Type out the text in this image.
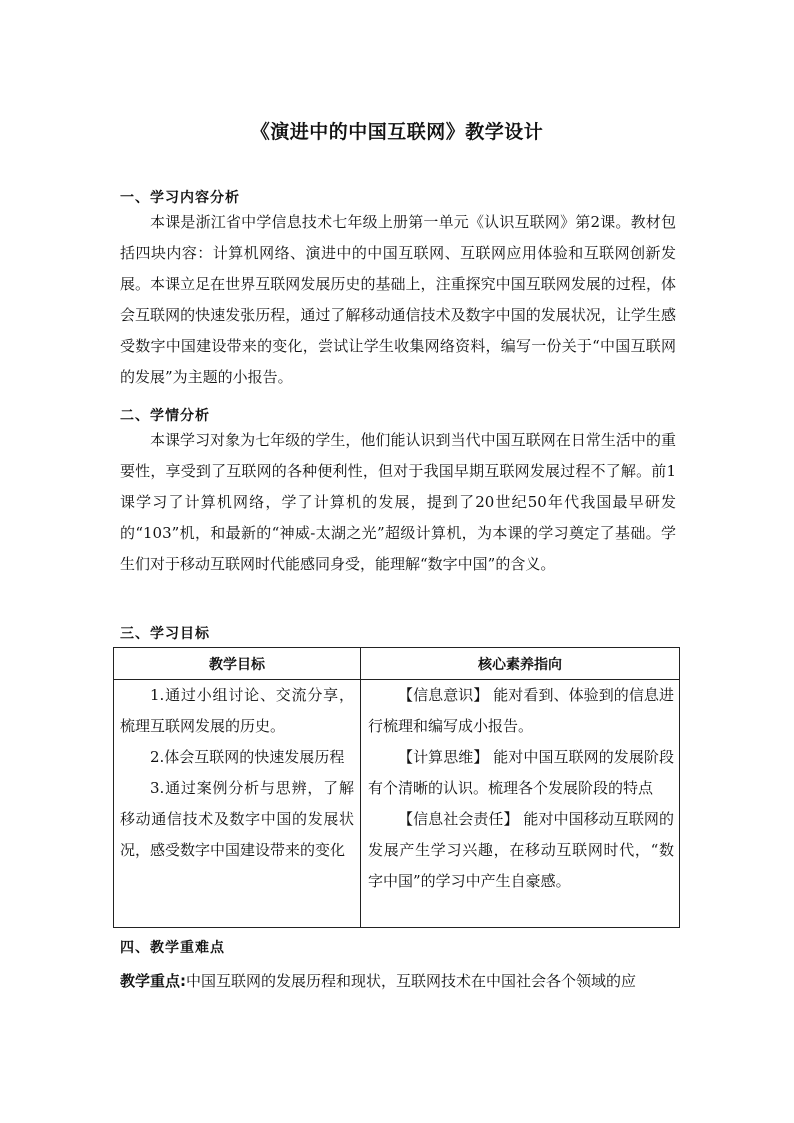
《演进中的中国互联网》教学设计
一、学习内容分析
本课是浙江省中学信息技术七年级上册第一单元《认识互联网》第2课。教材包括四块内容：计算机网络、演进中的中国互联网、互联网应用体验和互联网创新发展。本课立足在世界互联网发展历史的基础上，注重探究中国互联网发展的过程，体会互联网的快速发张历程，通过了解移动通信技术及数字中国的发展状况，让学生感受数字中国建设带来的变化，尝试让学生收集网络资料，编写一份关于“中国互联网的发展”为主题的小报告。
二、学情分析
本课学习对象为七年级的学生，他们能认识到当代中国互联网在日常生活中的重要性，享受到了互联网的各种便利性，但对于我国早期互联网发展过程不了解。前1课学习了计算机网络，学了计算机的发展，提到了20世纪50年代我国最早研发的“103”机，和最新的“神威-太湖之光”超级计算机，为本课的学习奠定了基础。学生们对于移动互联网时代能感同身受，能理解“数字中国”的含义。
三、学习目标
教学目标	核心素养指向

1.通过小组讨论、交流分享，梳理互联网发展的历史。

2.体会互联网的快速发展历程

3.通过案例分析与思辨，了解移动通信技术及数字中国的发展状况，感受数字中国建设带来的变化

【信息意识】 能对看到、体验到的信息进行梳理和编写成小报告。

【计算思维】 能对中国互联网的发展阶段有个清晰的认识。梳理各个发展阶段的特点

【信息社会责任】 能对中国移动互联网的发展产生学习兴趣，在移动互联网时代，“数字中国”的学习中产生自豪感。

四、教学重难点
教学重点:中国互联网的发展历程和现状，互联网技术在中国社会各个领域的应
